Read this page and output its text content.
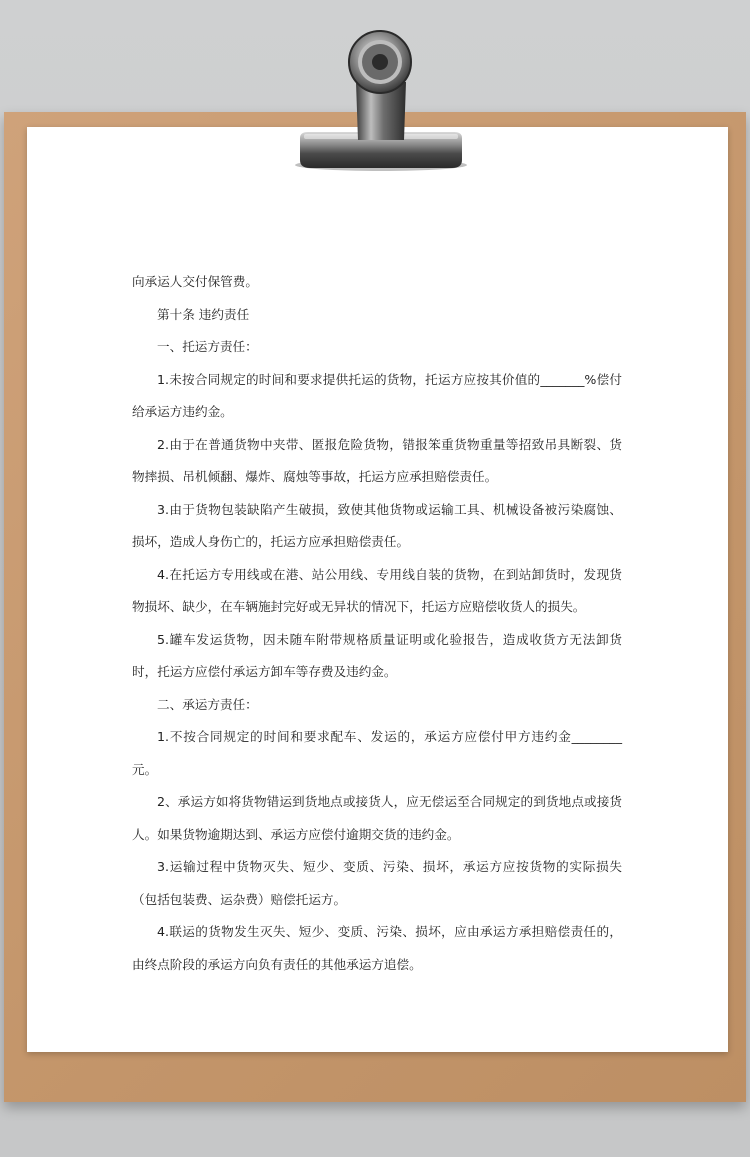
向承运人交付保管费。

第十条 违约责任

一、托运方责任：

1.未按合同规定的时间和要求提供托运的货物，托运方应按其价值的_______%偿付给承运方违约金。

2.由于在普通货物中夹带、匿报危险货物，错报笨重货物重量等招致吊具断裂、货物摔损、吊机倾翻、爆炸、腐烛等事故，托运方应承担赔偿责任。

3.由于货物包装缺陷产生破损，致使其他货物或运输工具、机械设备被污染腐蚀、损坏，造成人身伤亡的，托运方应承担赔偿责任。

4.在托运方专用线或在港、站公用线、专用线自装的货物，在到站卸货时，发现货物损坏、缺少，在车辆施封完好或无异状的情况下，托运方应赔偿收货人的损失。

5.罐车发运货物，因未随车附带规格质量证明或化验报告，造成收货方无法卸货时，托运方应偿付承运方卸车等存费及违约金。

二、承运方责任：

1.不按合同规定的时间和要求配车、发运的，承运方应偿付甲方违约金________元。

2、承运方如将货物错运到货地点或接货人，应无偿运至合同规定的到货地点或接货人。如果货物逾期达到、承运方应偿付逾期交货的违约金。

3.运输过程中货物灭失、短少、变质、污染、损坏，承运方应按货物的实际损失（包括包装费、运杂费）赔偿托运方。

4.联运的货物发生灭失、短少、变质、污染、损坏，应由承运方承担赔偿责任的，由终点阶段的承运方向负有责任的其他承运方追偿。
